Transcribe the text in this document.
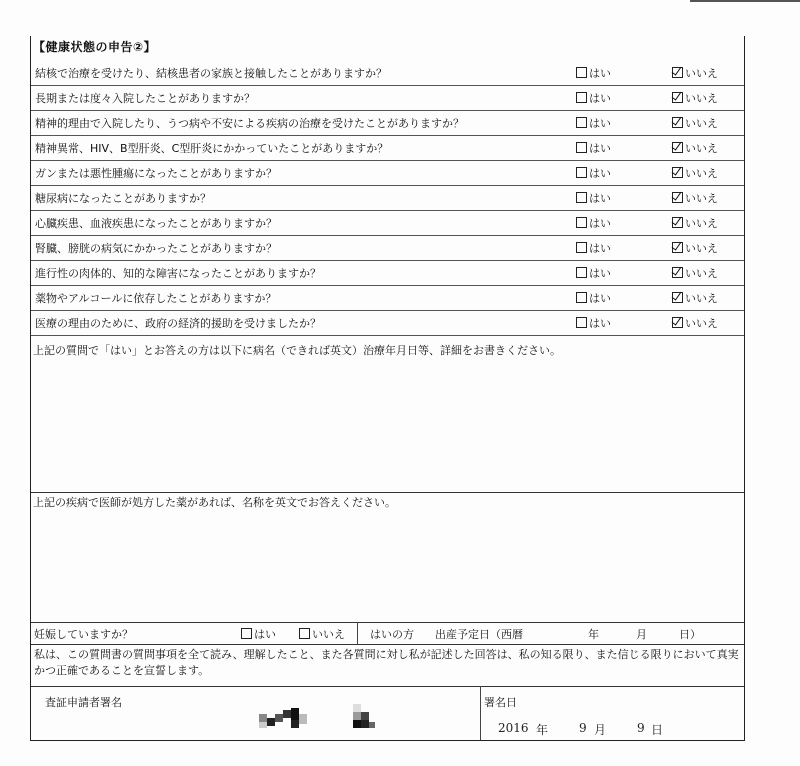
【健康状態の申告②】
結核で治療を受けたり、結核患者の家族と接触したことがありますか？	はい	いいえ
長期または度々入院したことがありますか？	はい	いいえ
精神的理由で入院したり、うつ病や不安による疾病の治療を受けたことがありますか？	はい	いいえ
精神異常、HIV、B型肝炎、C型肝炎にかかっていたことがありますか？	はい	いいえ
ガンまたは悪性腫瘍になったことがありますか？	はい	いいえ
糖尿病になったことがありますか？	はい	いいえ
心臓疾患、血液疾患になったことがありますか？	はい	いいえ
腎臓、膀胱の病気にかかったことがありますか？	はい	いいえ
進行性の肉体的、知的な障害になったことがありますか？	はい	いいえ
薬物やアルコールに依存したことがありますか？	はい	いいえ
医療の理由のために、政府の経済的援助を受けましたか？	はい	いいえ
上記の質問で「はい」とお答えの方は以下に病名（できれば英文）治療年月日等、詳細をお書きください。
上記の疾病で医師が処方した薬があれば、名称を英文でお答えください。
妊娠していますか？	はい	いいえ はいの方 出産予定日（西暦	年	月	日）
私は、この質問書の質問事項を全て読み、理解したこと、また各質問に対し私が記述した回答は、私の知る限り、また信じる限りにおいて真実かつ正確であることを宣誓します。
査証申請者署名	署名日
2016 年	9 月	9 日
